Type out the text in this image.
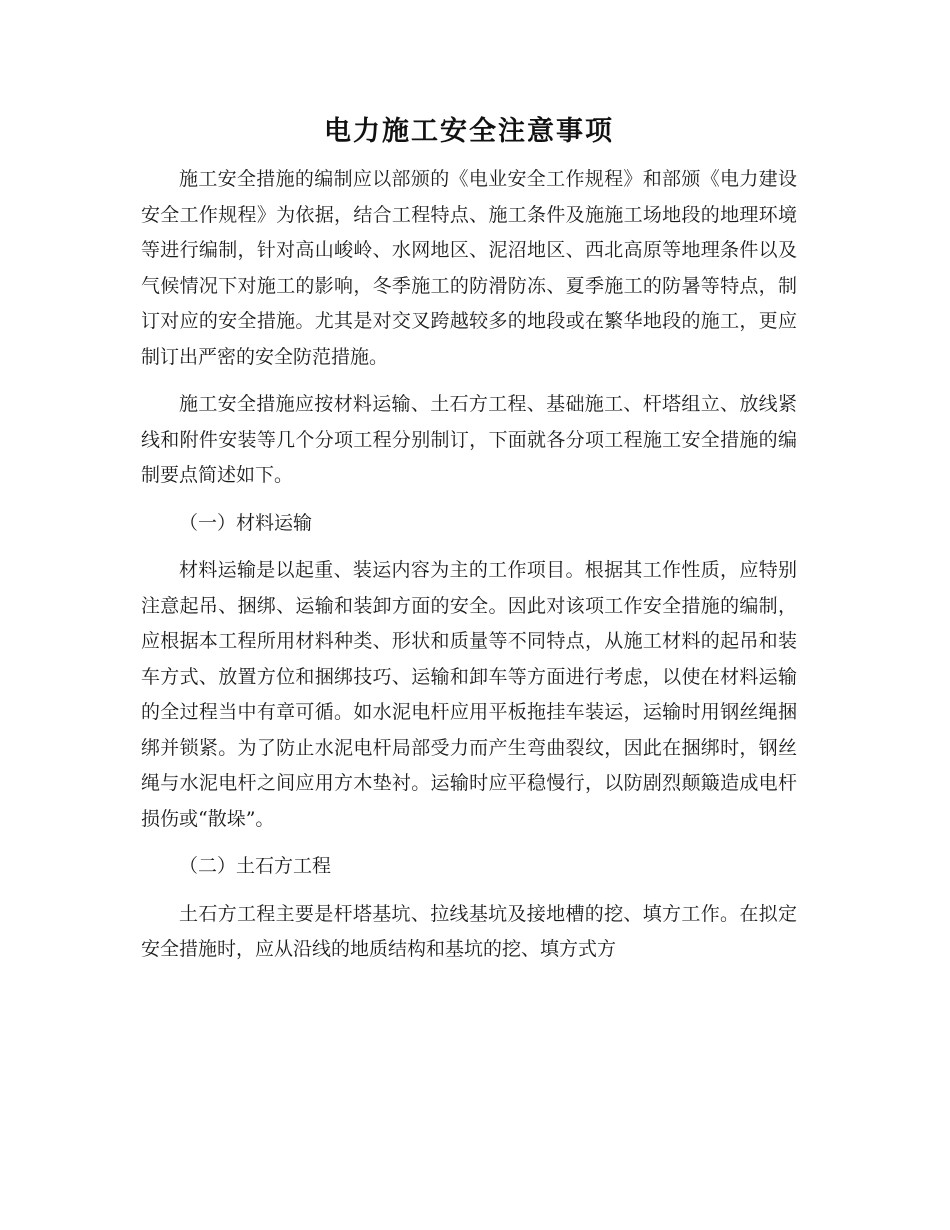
电力施工安全注意事项

施工安全措施的编制应以部颁的《电业安全工作规程》和部颁《电力建设安全工作规程》为依据，结合工程特点、施工条件及施施工场地段的地理环境等进行编制，针对高山峻岭、水网地区、泥沼地区、西北高原等地理条件以及气候情况下对施工的影响，冬季施工的防滑防冻、夏季施工的防暑等特点，制订对应的安全措施。尤其是对交叉跨越较多的地段或在繁华地段的施工，更应制订出严密的安全防范措施。

施工安全措施应按材料运输、土石方工程、基础施工、杆塔组立、放线紧线和附件安装等几个分项工程分别制订，下面就各分项工程施工安全措施的编制要点简述如下。

（一）材料运输

材料运输是以起重、装运内容为主的工作项目。根据其工作性质，应特别注意起吊、捆绑、运输和装卸方面的安全。因此对该项工作安全措施的编制，应根据本工程所用材料种类、形状和质量等不同特点，从施工材料的起吊和装车方式、放置方位和捆绑技巧、运输和卸车等方面进行考虑，以使在材料运输的全过程当中有章可循。如水泥电杆应用平板拖挂车装运，运输时用钢丝绳捆绑并锁紧。为了防止水泥电杆局部受力而产生弯曲裂纹，因此在捆绑时，钢丝绳与水泥电杆之间应用方木垫衬。运输时应平稳慢行，以防剧烈颠簸造成电杆损伤或“散垛”。

（二）土石方工程

土石方工程主要是杆塔基坑、拉线基坑及接地槽的挖、填方工作。在拟定安全措施时，应从沿线的地质结构和基坑的挖、填方式方
